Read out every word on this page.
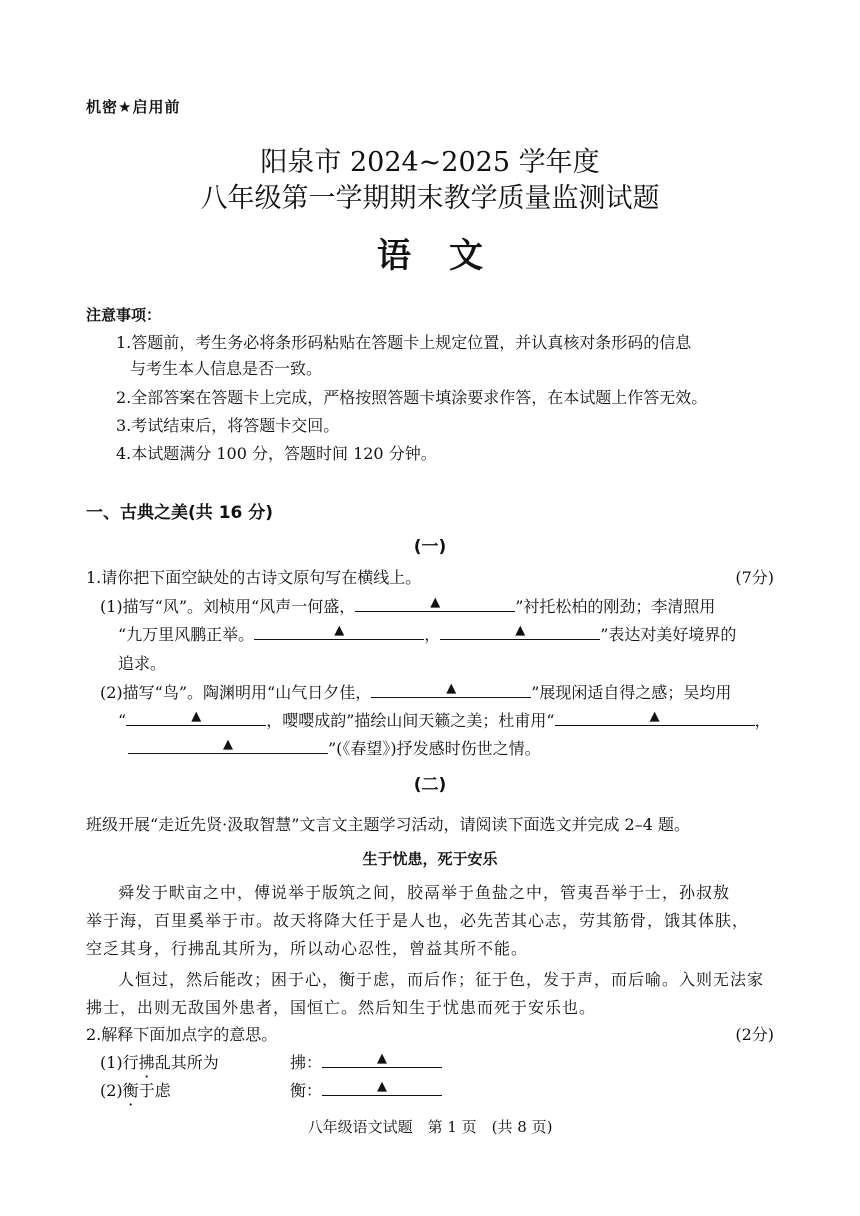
机密★启用前
阳泉市 2024~2025 学年度
八年级第一学期期末教学质量监测试题
语文
注意事项：
1.答题前，考生务必将条形码粘贴在答题卡上规定位置，并认真核对条形码的信息
与考生本人信息是否一致。
2.全部答案在答题卡上完成，严格按照答题卡填涂要求作答，在本试题上作答无效。
3.考试结束后，将答题卡交回。
4.本试题满分 100 分，答题时间 120 分钟。
一、古典之美(共 16 分)
(一)
1.请你把下面空缺处的古诗文原句写在横线上。	(7分)
(1)描写“风”。刘桢用“风声一何盛，	▲	”衬托松柏的刚劲；李清照用
“九万里风鹏正举。	▲	，	▲	”表达对美好境界的
追求。
(2)描写“鸟”。陶渊明用“山气日夕佳，	▲	”展现闲适自得之感；吴均用
“	▲	，嘤嘤成韵”描绘山间天籁之美；杜甫用“	▲	，
▲	”(《春望》)抒发感时伤世之情。
(二)
班级开展“走近先贤·汲取智慧”文言文主题学习活动，请阅读下面选文并完成 2–4 题。
生于忧患，死于安乐
舜发于畎亩之中，傅说举于版筑之间，胶鬲举于鱼盐之中，管夷吾举于士，孙叔敖
举于海，百里奚举于市。故天将降大任于是人也，必先苦其心志，劳其筋骨，饿其体肤，
空乏其身，行拂乱其所为，所以动心忍性，曾益其所不能。
人恒过，然后能改；困于心，衡于虑，而后作；征于色，发于声，而后喻。入则无法家
拂士，出则无敌国外患者，国恒亡。然后知生于忧患而死于安乐也。
2.解释下面加点字的意思。	(2分)
(1)行拂乱其所为	拂：	▲
(2)衡于虑	衡：	▲
八年级语文试题　第 1 页　(共 8 页)
